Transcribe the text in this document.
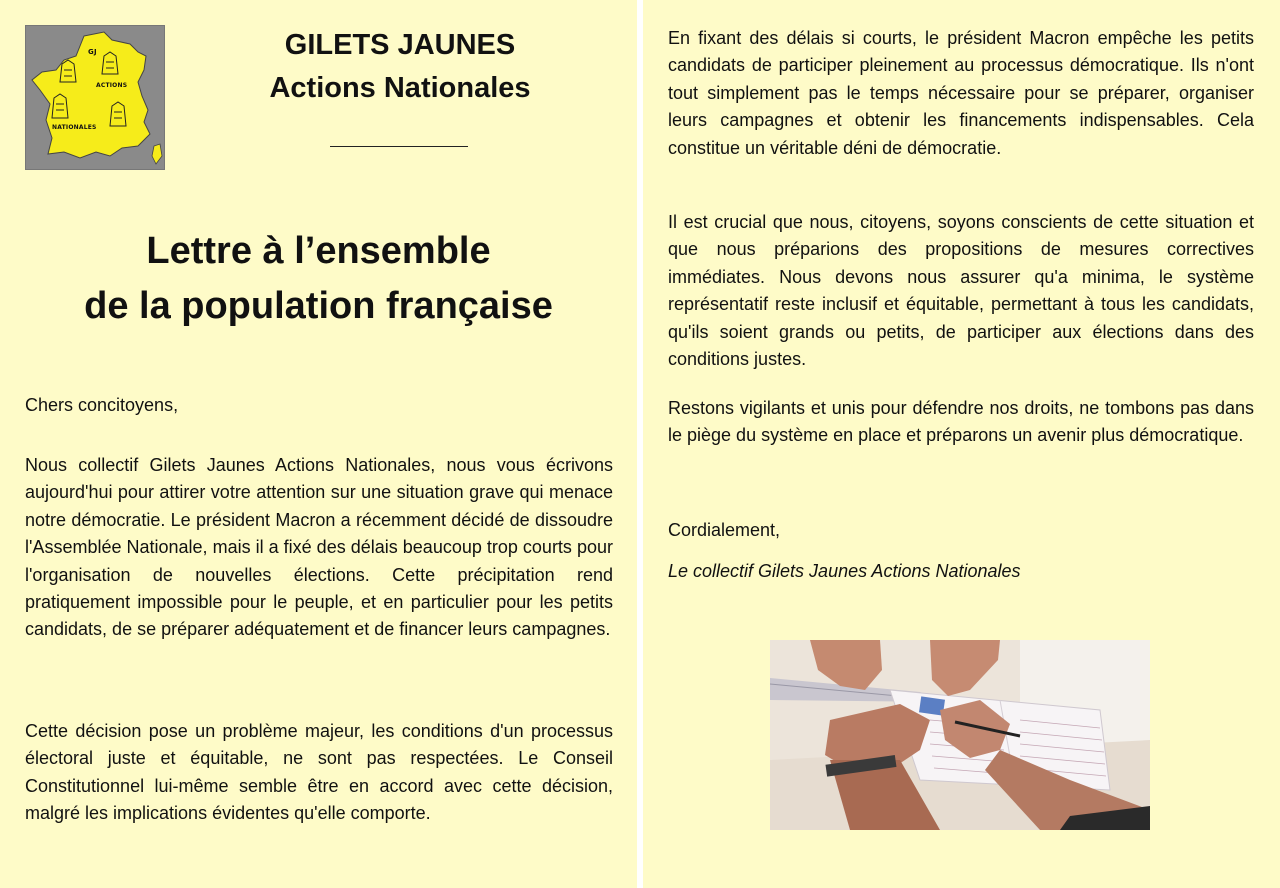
GJ
ACTIONS
NATIONALES
GILETS JAUNES
Actions Nationales
Lettre à l’ensemble
de la population française

Chers concitoyens,

Nous collectif Gilets Jaunes Actions Nationales, nous vous écrivons aujourd'hui pour attirer votre attention sur une situation grave qui menace notre démocratie. Le président Macron a récemment décidé de dissoudre l'Assemblée Nationale, mais il a fixé des délais beaucoup trop courts pour l'organisation de nouvelles élections. Cette précipitation rend pratiquement impossible pour le peuple, et en particulier pour les petits candidats, de se préparer adéquatement et de financer leurs campagnes.

Cette décision pose un problème majeur, les conditions d'un processus électoral juste et équitable, ne sont pas respectées. Le Conseil Constitutionnel lui-même semble être en accord avec cette décision, malgré les implications évidentes qu'elle comporte.

En fixant des délais si courts, le président Macron empêche les petits candidats de participer pleinement au processus démocratique. Ils n'ont tout simplement pas le temps nécessaire pour se préparer, organiser leurs campagnes et obtenir les financements indispensables. Cela constitue un véritable déni de démocratie.

Il est crucial que nous, citoyens, soyons conscients de cette situation et que nous préparions des propositions de mesures correctives immédiates. Nous devons nous assurer qu'a minima, le système représentatif reste inclusif et équitable, permettant à tous les candidats, qu'ils soient grands ou petits, de participer aux élections dans des conditions justes.

Restons vigilants et unis pour défendre nos droits, ne tombons pas dans le piège du système en place et préparons un avenir plus démocratique.

Cordialement,

Le collectif Gilets Jaunes Actions Nationales
